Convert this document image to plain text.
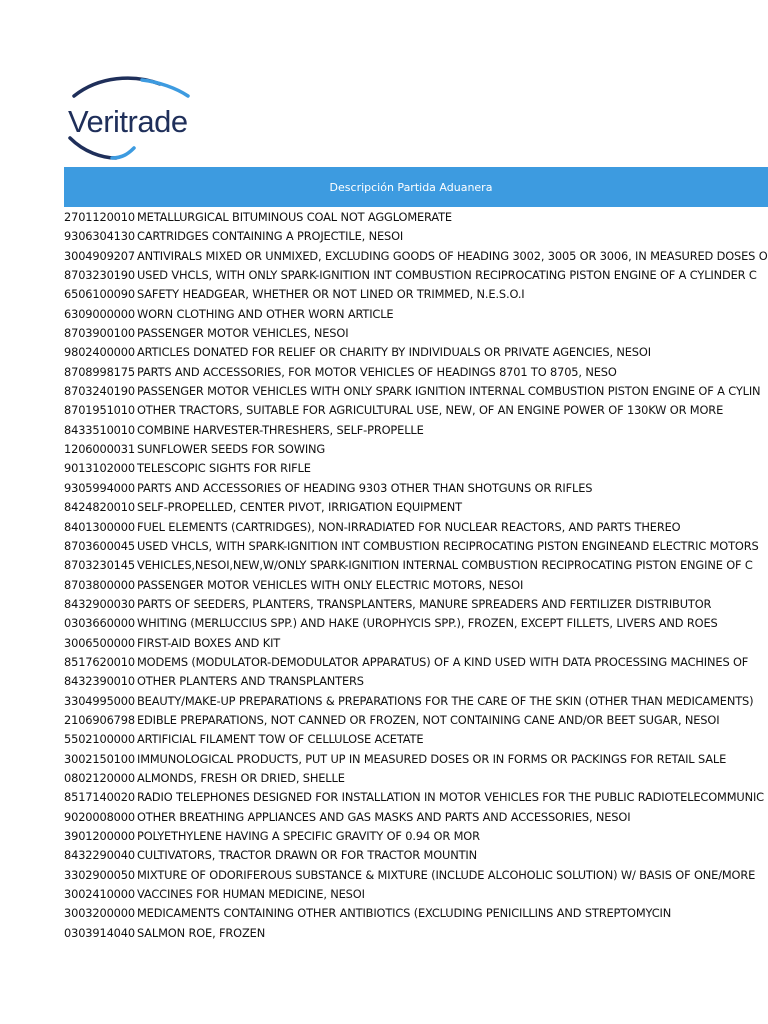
Veritrade
Descripción Partida Aduanera
2701120010 METALLURGICAL BITUMINOUS COAL NOT AGGLOMERATE
9306304130 CARTRIDGES CONTAINING A PROJECTILE, NESOI
3004909207 ANTIVIRALS MIXED OR UNMIXED, EXCLUDING GOODS OF HEADING 3002, 3005 OR 3006, IN MEASURED DOSES O
8703230190 USED VHCLS, WITH ONLY SPARK-IGNITION INT COMBUSTION RECIPROCATING PISTON ENGINE OF A CYLINDER C
6506100090 SAFETY HEADGEAR, WHETHER OR NOT LINED OR TRIMMED, N.E.S.O.I
6309000000 WORN CLOTHING AND OTHER WORN ARTICLE
8703900100 PASSENGER MOTOR VEHICLES, NESOI
9802400000 ARTICLES DONATED FOR RELIEF OR CHARITY BY INDIVIDUALS OR PRIVATE AGENCIES, NESOI
8708998175 PARTS AND ACCESSORIES, FOR MOTOR VEHICLES OF HEADINGS 8701 TO 8705, NESO
8703240190 PASSENGER MOTOR VEHICLES WITH ONLY SPARK IGNITION INTERNAL COMBUSTION PISTON ENGINE OF A CYLIN
8701951010 OTHER TRACTORS, SUITABLE FOR AGRICULTURAL USE, NEW, OF AN ENGINE POWER OF 130KW OR MORE
8433510010 COMBINE HARVESTER-THRESHERS, SELF-PROPELLE
1206000031 SUNFLOWER SEEDS FOR SOWING
9013102000 TELESCOPIC SIGHTS FOR RIFLE
9305994000 PARTS AND ACCESSORIES OF HEADING 9303 OTHER THAN SHOTGUNS OR RIFLES
8424820010 SELF-PROPELLED, CENTER PIVOT, IRRIGATION EQUIPMENT
8401300000 FUEL ELEMENTS (CARTRIDGES), NON-IRRADIATED FOR NUCLEAR REACTORS, AND PARTS THEREO
8703600045 USED VHCLS, WITH SPARK-IGNITION INT COMBUSTION RECIPROCATING PISTON ENGINEAND ELECTRIC MOTORS
8703230145 VEHICLES,NESOI,NEW,W/ONLY SPARK-IGNITION INTERNAL COMBUSTION RECIPROCATING PISTON ENGINE OF C
8703800000 PASSENGER MOTOR VEHICLES WITH ONLY ELECTRIC MOTORS, NESOI
8432900030 PARTS OF SEEDERS, PLANTERS, TRANSPLANTERS, MANURE SPREADERS AND FERTILIZER DISTRIBUTOR
0303660000 WHITING (MERLUCCIUS SPP.) AND HAKE (UROPHYCIS SPP.), FROZEN, EXCEPT FILLETS, LIVERS AND ROES
3006500000 FIRST-AID BOXES AND KIT
8517620010 MODEMS (MODULATOR-DEMODULATOR APPARATUS) OF A KIND USED WITH DATA PROCESSING MACHINES OF
8432390010 OTHER PLANTERS AND TRANSPLANTERS
3304995000 BEAUTY/MAKE-UP PREPARATIONS & PREPARATIONS FOR THE CARE OF THE SKIN (OTHER THAN MEDICAMENTS)
2106906798 EDIBLE PREPARATIONS, NOT CANNED OR FROZEN, NOT CONTAINING CANE AND/OR BEET SUGAR, NESOI
5502100000 ARTIFICIAL FILAMENT TOW OF CELLULOSE ACETATE
3002150100 IMMUNOLOGICAL PRODUCTS, PUT UP IN MEASURED DOSES OR IN FORMS OR PACKINGS FOR RETAIL SALE
0802120000 ALMONDS, FRESH OR DRIED, SHELLE
8517140020 RADIO TELEPHONES DESIGNED FOR INSTALLATION IN MOTOR VEHICLES FOR THE PUBLIC RADIOTELECOMMUNIC
9020008000 OTHER BREATHING APPLIANCES AND GAS MASKS AND PARTS AND ACCESSORIES, NESOI
3901200000 POLYETHYLENE HAVING A SPECIFIC GRAVITY OF 0.94 OR MOR
8432290040 CULTIVATORS, TRACTOR DRAWN OR FOR TRACTOR MOUNTIN
3302900050 MIXTURE OF ODORIFEROUS SUBSTANCE & MIXTURE (INCLUDE ALCOHOLIC SOLUTION) W/ BASIS OF ONE/MORE
3002410000 VACCINES FOR HUMAN MEDICINE, NESOI
3003200000 MEDICAMENTS CONTAINING OTHER ANTIBIOTICS (EXCLUDING PENICILLINS AND STREPTOMYCIN
0303914040 SALMON ROE, FROZEN
